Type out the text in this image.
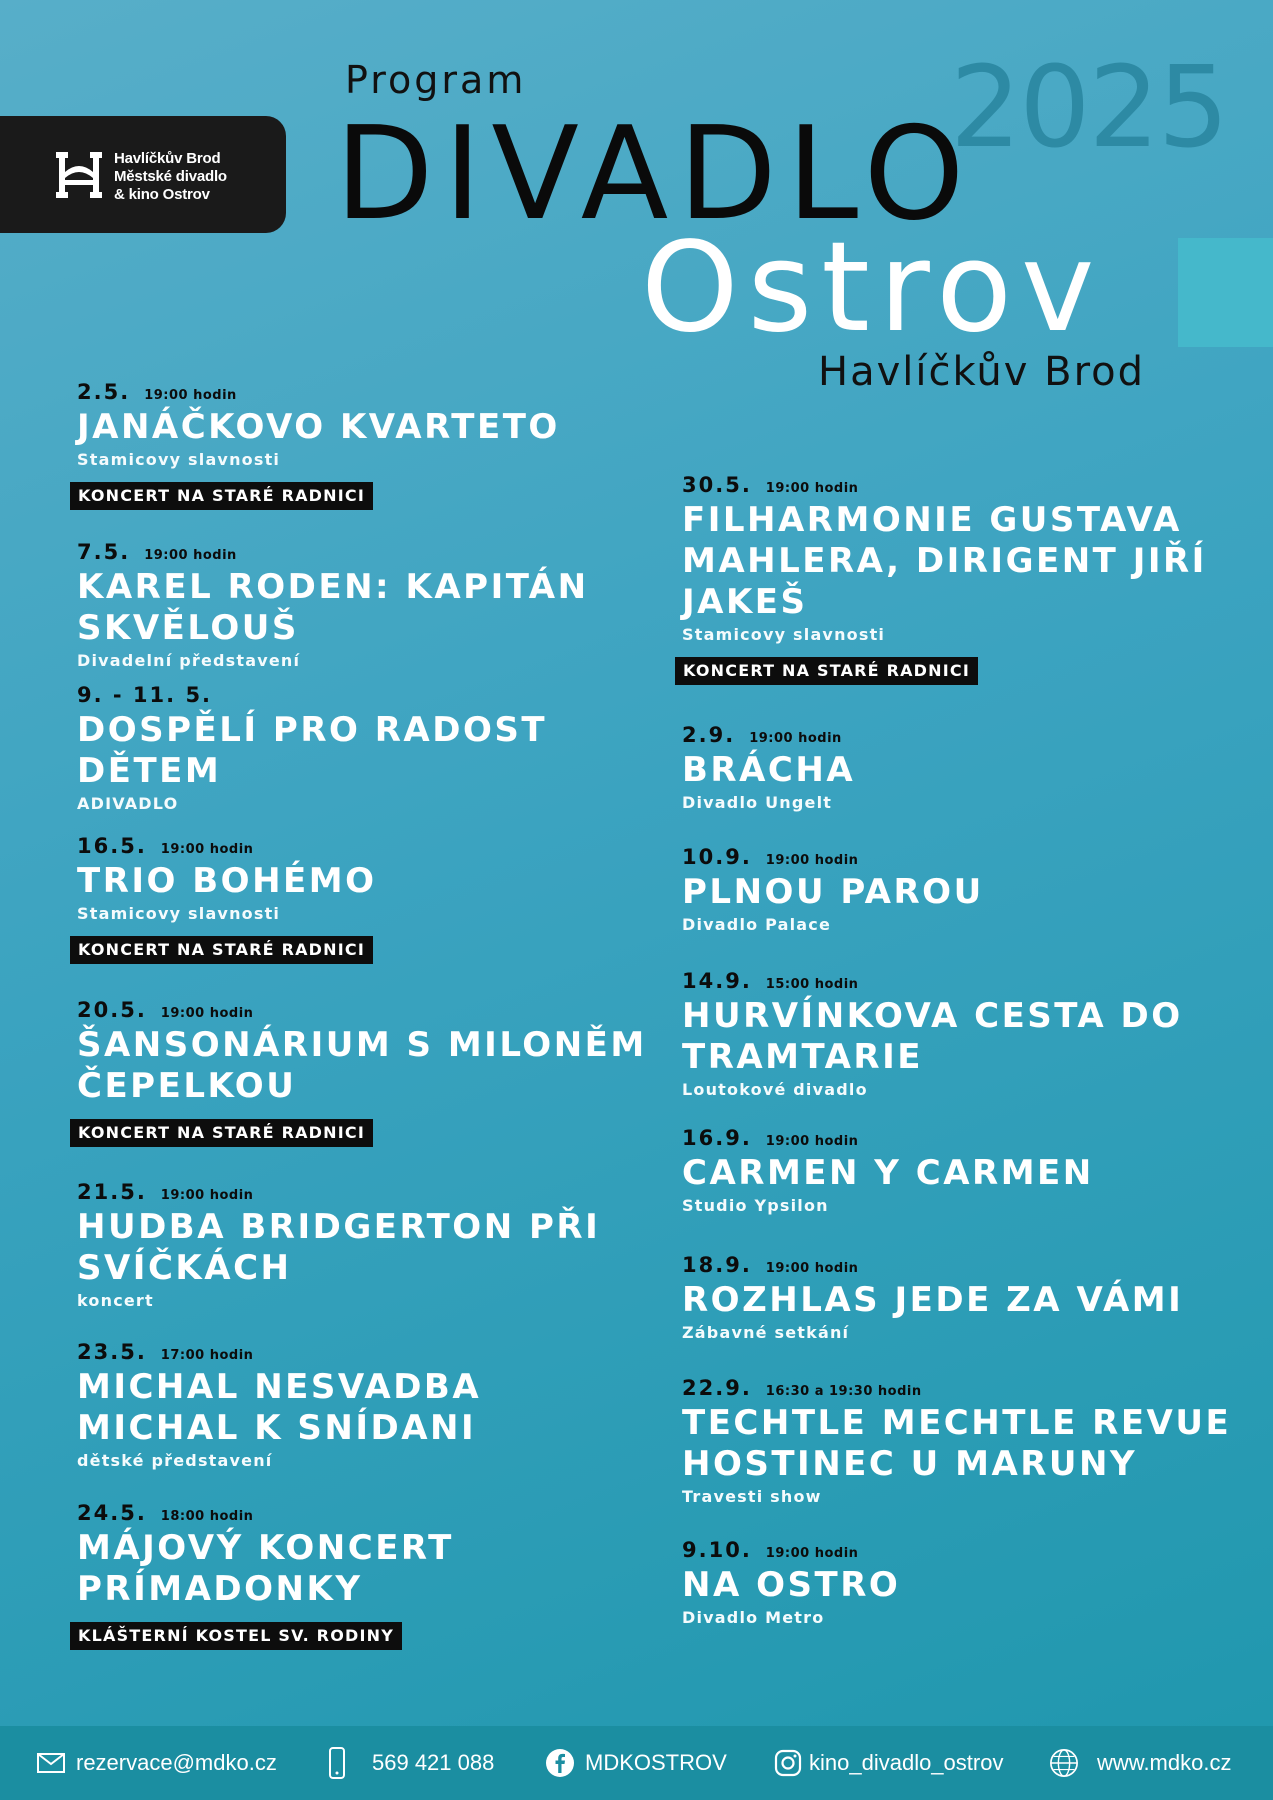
Havlíčkův Brod
Městské divadlo
& kino Ostrov
2025
Program
DIVADLO
Ostrov
Havlíčkův Brod
2.5. 19:00 hodin
JANÁČKOVO KVARTETO
Stamicovy slavnosti
KONCERT NA STARÉ RADNICI
7.5. 19:00 hodin
KAREL RODEN: KAPITÁN SKVĚLOUŠ
Divadelní představení
9. - 11. 5.
DOSPĚLÍ PRO RADOST DĚTEM
ADIVADLO
16.5. 19:00 hodin
TRIO BOHÉMO
Stamicovy slavnosti
KONCERT NA STARÉ RADNICI
20.5. 19:00 hodin
ŠANSONÁRIUM S MILONĚM ČEPELKOU
KONCERT NA STARÉ RADNICI
21.5. 19:00 hodin
HUDBA BRIDGERTON PŘI SVÍČKÁCH
koncert
23.5. 17:00 hodin
MICHAL NESVADBA MICHAL K SNÍDANI
dětské představení
24.5. 18:00 hodin
MÁJOVÝ KONCERT PRÍMADONKY
KLÁŠTERNÍ KOSTEL SV. RODINY
30.5. 19:00 hodin
FILHARMONIE GUSTAVA MAHLERA, DIRIGENT JIŘÍ JAKEŠ
Stamicovy slavnosti
KONCERT NA STARÉ RADNICI
2.9. 19:00 hodin
BRÁCHA
Divadlo Ungelt
10.9. 19:00 hodin
PLNOU PAROU
Divadlo Palace
14.9. 15:00 hodin
HURVÍNKOVA CESTA DO TRAMTARIE
Loutokové divadlo
16.9. 19:00 hodin
CARMEN Y CARMEN
Studio Ypsilon
18.9. 19:00 hodin
ROZHLAS JEDE ZA VÁMI
Zábavné setkání
22.9. 16:30 a 19:30 hodin
TECHTLE MECHTLE REVUE HOSTINEC U MARUNY
Travesti show
9.10. 19:00 hodin
NA OSTRO
Divadlo Metro
rezervace@mdko.cz	569 421 088	MDKOSTROV	kino_divadlo_ostrov	www.mdko.cz
